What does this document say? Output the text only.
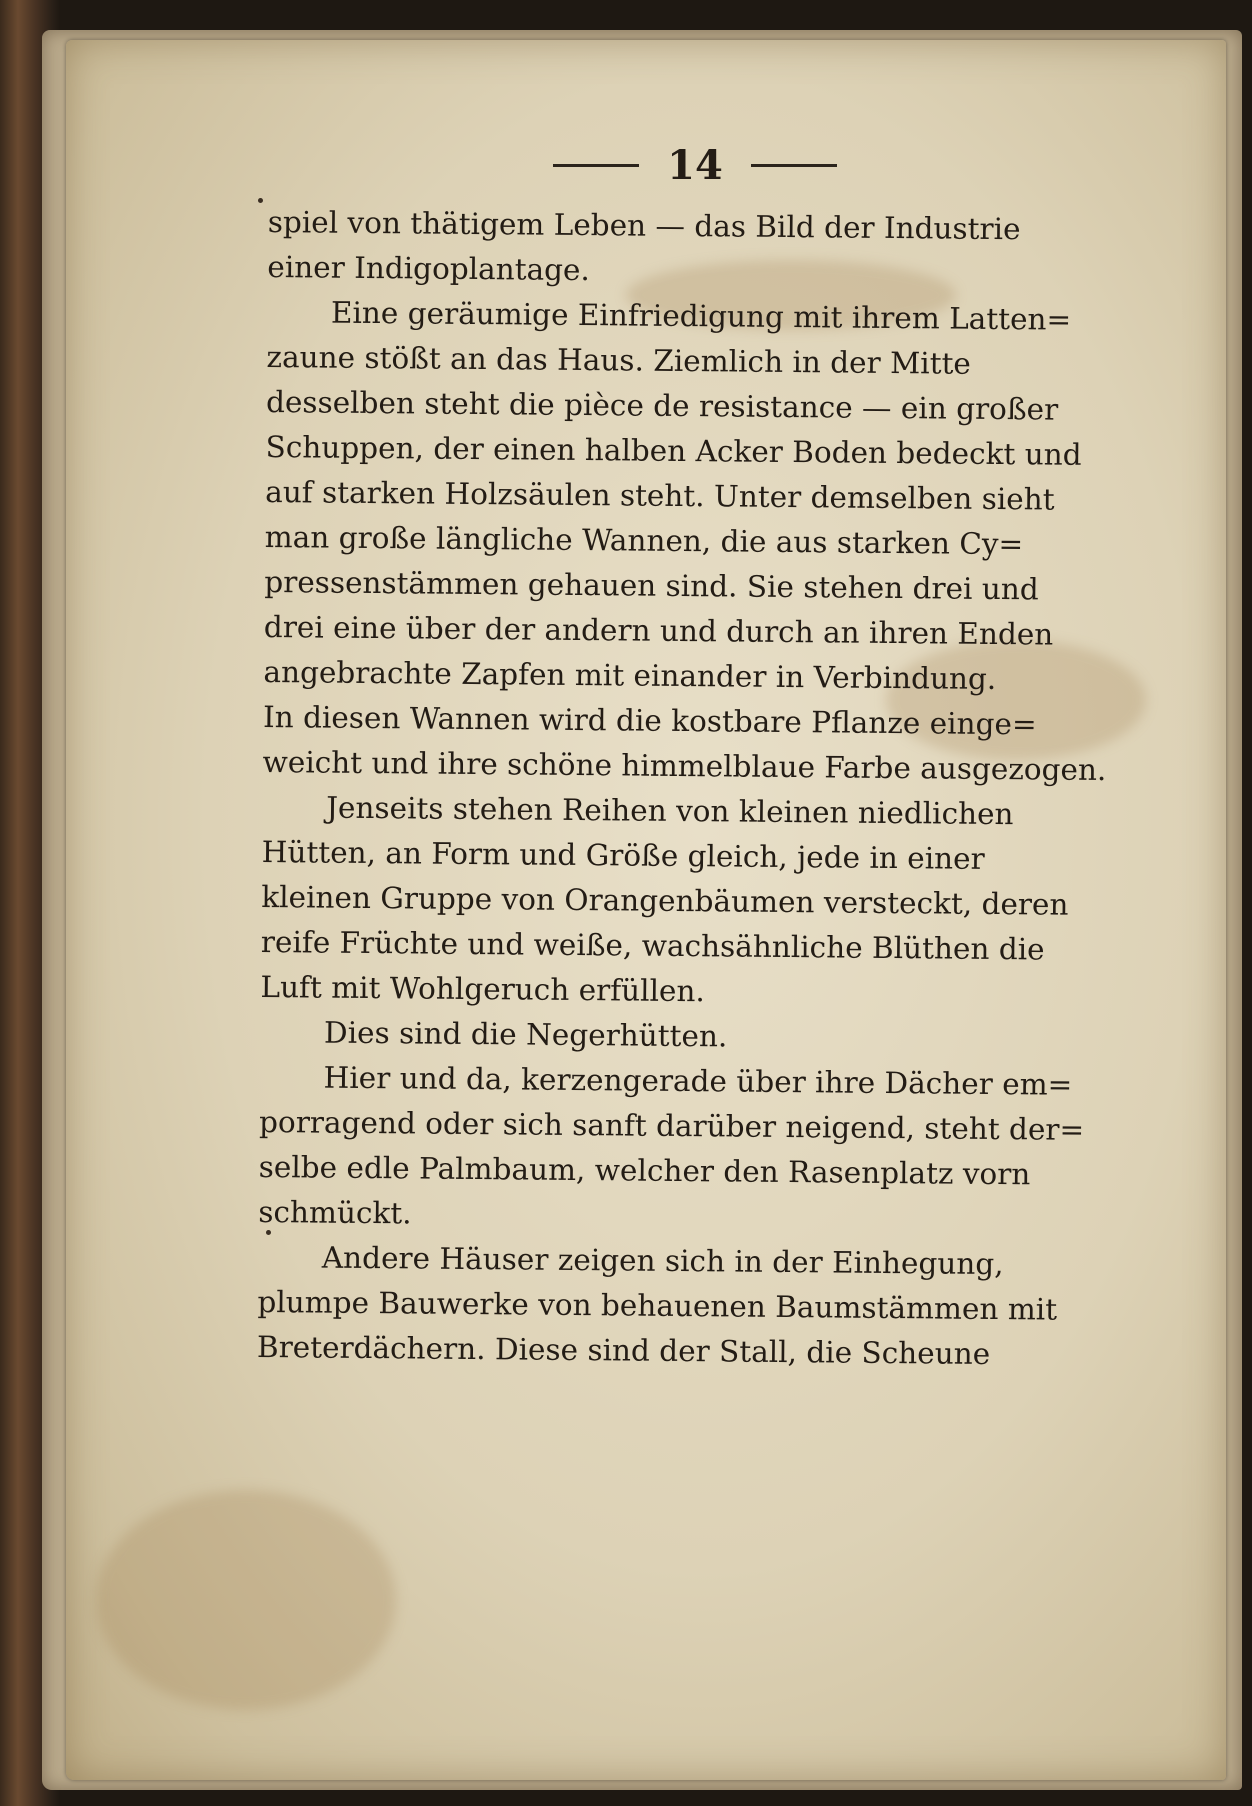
14
spiel von thätigem Leben — das Bild der Industrie
einer Indigoplantage.
Eine geräumige Einfriedigung mit ihrem Latten=
zaune stößt an das Haus. Ziemlich in der Mitte
desselben steht die pièce de resistance — ein großer
Schuppen, der einen halben Acker Boden bedeckt und
auf starken Holzsäulen steht. Unter demselben sieht
man große längliche Wannen, die aus starken Cy=
pressenstämmen gehauen sind. Sie stehen drei und
drei eine über der andern und durch an ihren Enden
angebrachte Zapfen mit einander in Verbindung.
In diesen Wannen wird die kostbare Pflanze einge=
weicht und ihre schöne himmelblaue Farbe ausgezogen.
Jenseits stehen Reihen von kleinen niedlichen
Hütten, an Form und Größe gleich, jede in einer
kleinen Gruppe von Orangenbäumen versteckt, deren
reife Früchte und weiße, wachsähnliche Blüthen die
Luft mit Wohlgeruch erfüllen.
Dies sind die Negerhütten.
Hier und da, kerzengerade über ihre Dächer em=
porragend oder sich sanft darüber neigend, steht der=
selbe edle Palmbaum, welcher den Rasenplatz vorn
schmückt.
Andere Häuser zeigen sich in der Einhegung,
plumpe Bauwerke von behauenen Baumstämmen mit
Breterdächern. Diese sind der Stall, die Scheune
